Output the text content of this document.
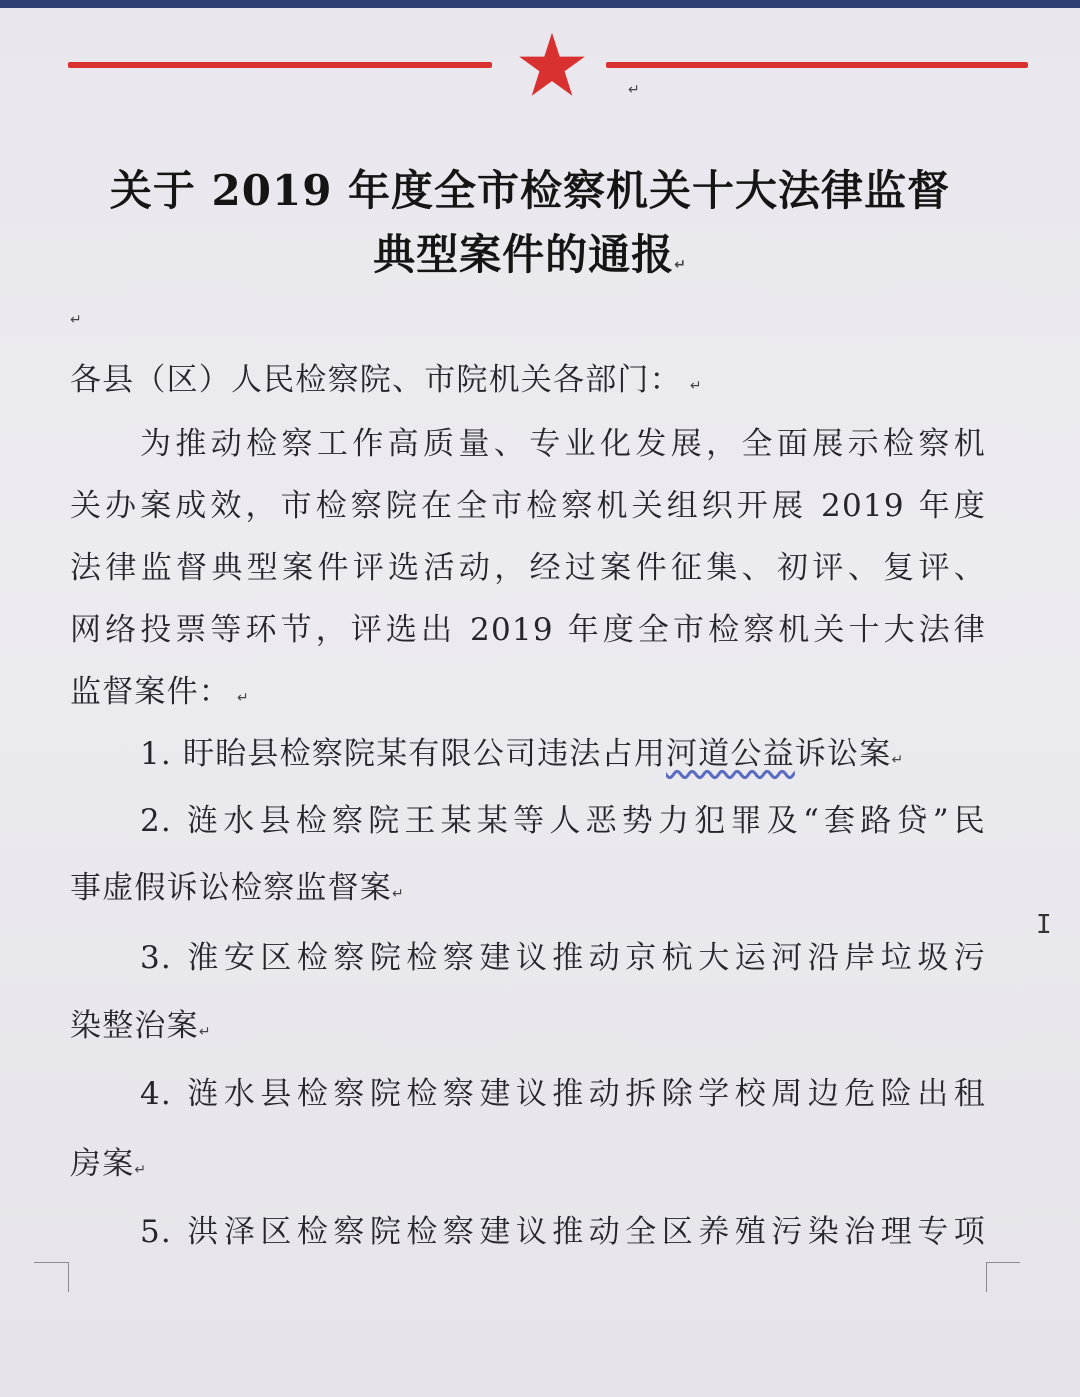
↵
关于 2019 年度全市检察机关十大法律监督
典型案件的通报↵
↵
各县（区）人民检察院、市院机关各部门： ↵
为推动检察工作高质量、专业化发展，全面展示检察机
关办案成效，市检察院在全市检察机关组织开展 2019 年度
法律监督典型案件评选活动，经过案件征集、初评、复评、
网络投票等环节，评选出 2019 年度全市检察机关十大法律
监督案件： ↵
1. 盱眙县检察院某有限公司违法占用河道公益诉讼案↵
2. 涟水县检察院王某某等人恶势力犯罪及“套路贷”民
事虚假诉讼检察监督案↵
3. 淮安区检察院检察建议推动京杭大运河沿岸垃圾污
染整治案↵
4. 涟水县检察院检察建议推动拆除学校周边危险出租
房案↵
5. 洪泽区检察院检察建议推动全区养殖污染治理专项
I
